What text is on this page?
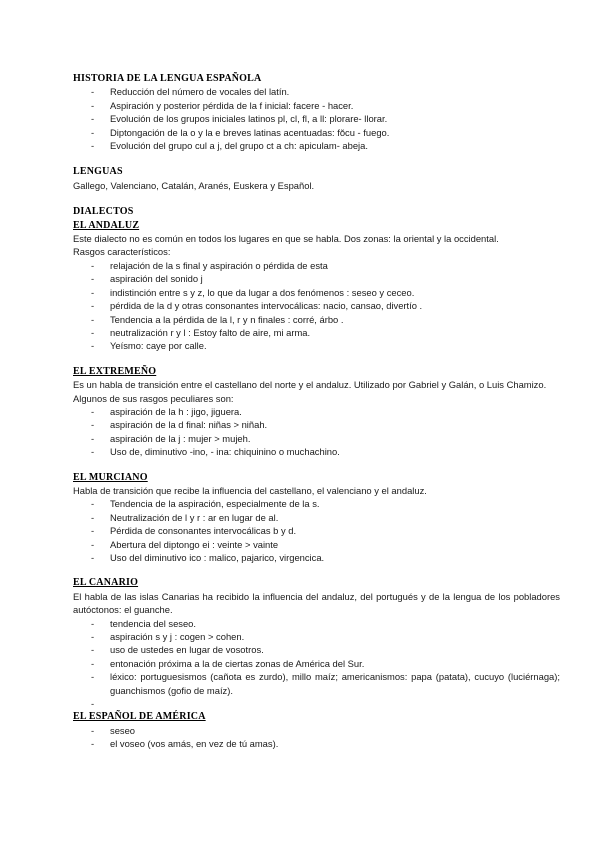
HISTORIA DE LA LENGUA ESPAÑOLA
- Reducción del número de vocales del latín.
- Aspiración y posterior pérdida de la f inicial: facere - hacer.
- Evolución de los grupos iniciales latinos pl, cl, fl, a ll: plorare- llorar.
- Diptongación de la o y la e breves latinas acentuadas: fŏcu - fuego.
- Evolución del grupo cul a j, del grupo ct a ch: apiculam- abeja.
LENGUAS
Gallego, Valenciano, Catalán, Aranés, Euskera y Español.
DIALECTOS
EL ANDALUZ
Este dialecto no es común en todos los lugares en que se habla. Dos zonas: la oriental y la occidental.
Rasgos característicos:
- relajación de la s final y aspiración o pérdida de esta
- aspiración del sonido j
- indistinción entre s y z, lo que da lugar a dos fenómenos : seseo y ceceo.
- pérdida de la d y otras consonantes intervocálicas: nacio, cansao, divertío .
- Tendencia a la pérdida de la l, r y n finales : corré, árbo .
- neutralización r y l : Estoy falto de aire, mi arma.
- Yeísmo: caye por calle.
EL EXTREMEÑO
Es un habla de transición entre el castellano del norte y el andaluz. Utilizado por Gabriel y Galán, o Luis Chamizo.
Algunos de sus rasgos peculiares son:
- aspiración de la h : jigo, jiguera.
- aspiración de la d final: niñas > niñah.
- aspiración de la j : mujer > mujeh.
- Uso de, diminutivo -ino, - ina: chiquinino o muchachino.
EL MURCIANO
Habla de transición que recibe la influencia del castellano, el valenciano y el andaluz.
- Tendencia de la aspiración, especialmente de la s.
- Neutralización de l y r : ar en lugar de al.
- Pérdida de consonantes intervocálicas b y d.
- Abertura del diptongo ei : veinte > vainte
- Uso del diminutivo ico : malico, pajarico, virgencica.
EL CANARIO
El habla de las islas Canarias ha recibido la influencia del andaluz, del portugués y de la lengua de los pobladores autóctonos: el guanche.
- tendencia del seseo.
- aspiración s y j : cogen > cohen.
- uso de ustedes en lugar de vosotros.
- entonación próxima a la de ciertas zonas de América del Sur.
- léxico: portuguesismos (cañota es zurdo), millo maíz; americanismos: papa (patata), cucuyo (luciérnaga); guanchismos (gofio de maíz).
-
EL ESPAÑOL DE AMÉRICA
- seseo
- el voseo (vos amás, en vez de tú amas).
